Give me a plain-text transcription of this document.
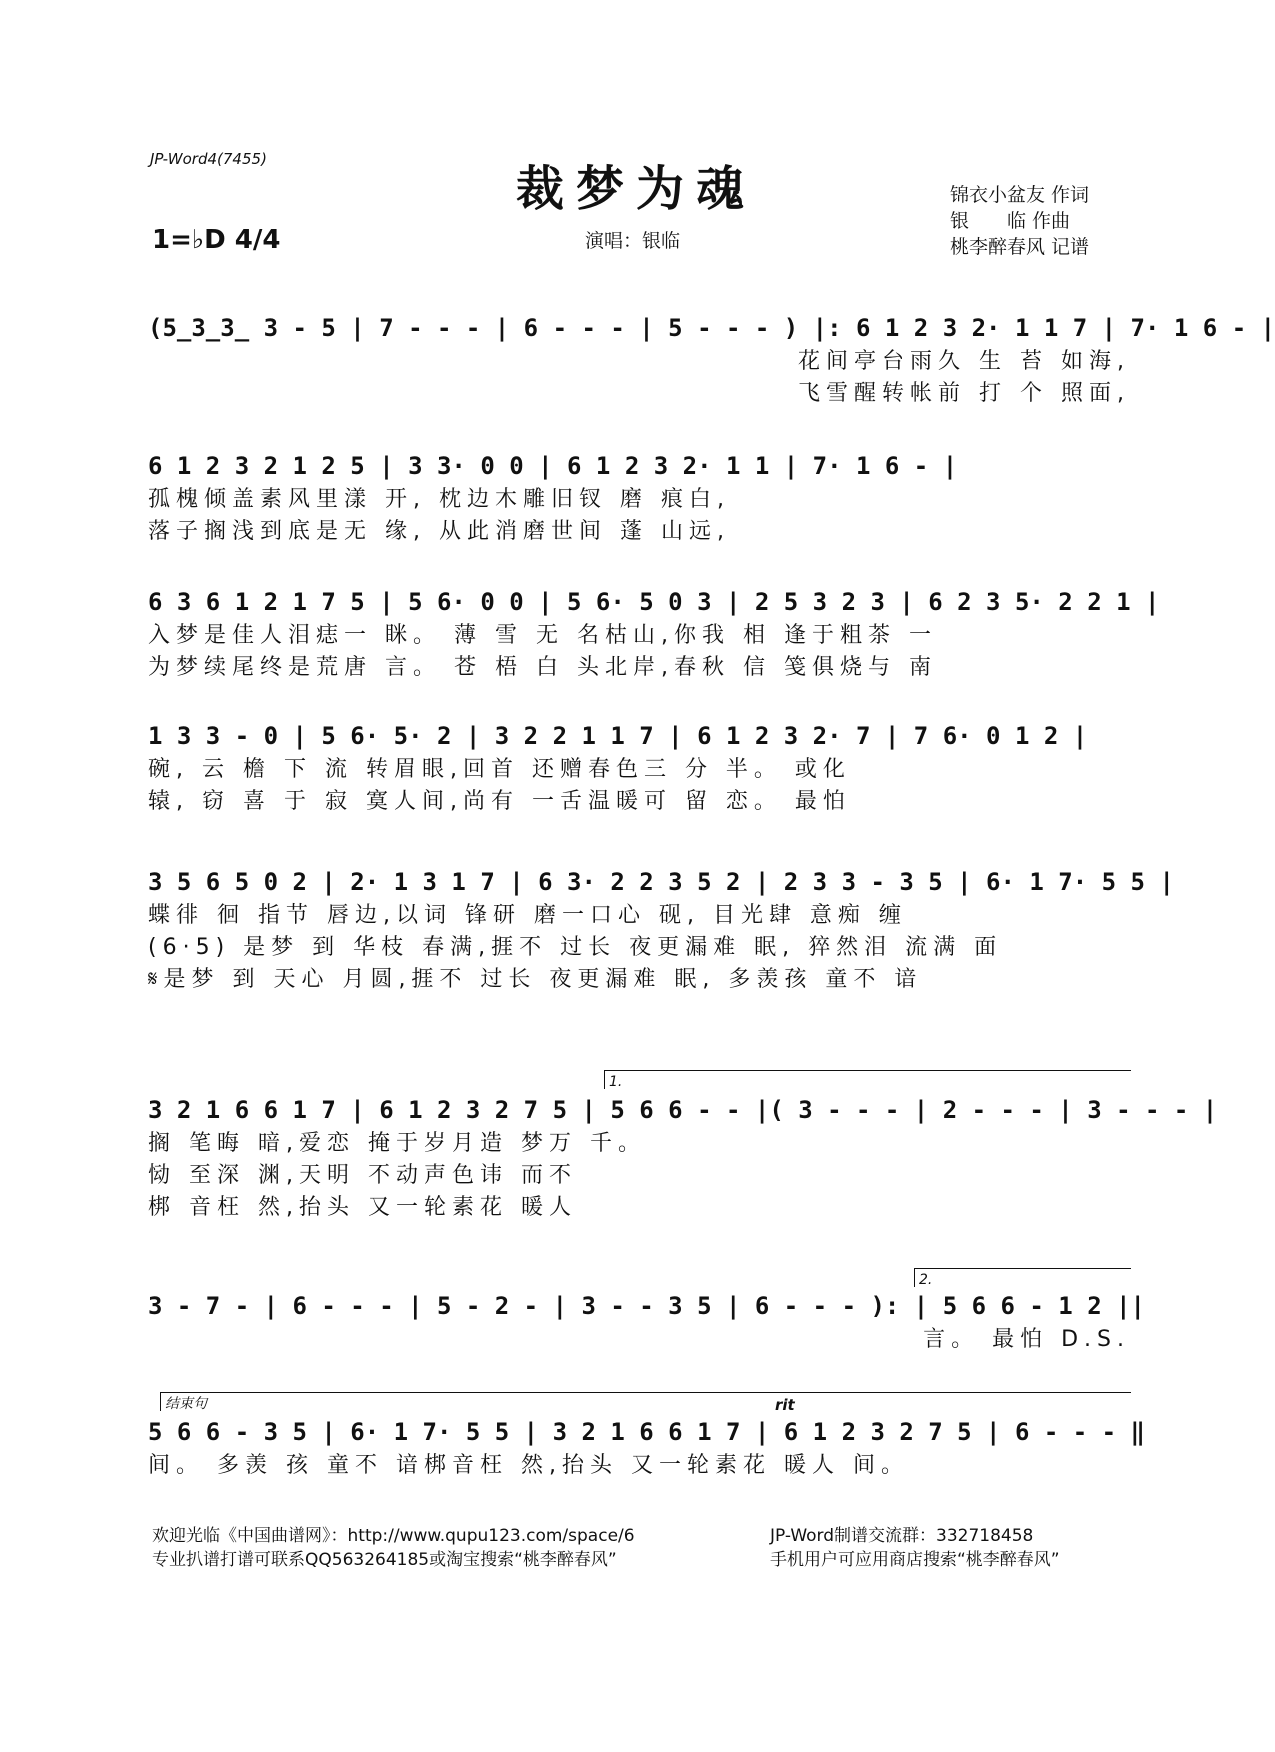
JP-Word4(7455)
裁梦为魂	锦衣小盆友 作词
银　　临 作曲
桃李醉春风 记谱
1=♭D 4/4	演唱：银临
(5̲3̲3̲ 3 - 5 | 7 - - - | 6 - - - | 5 - - - ) |: 6 1 2 3 2· 1 1 7 | 7· 1 6 - |
花间亭台雨久 生 苔 如海,
飞雪醒转帐前 打 个 照面,
6 1 2 3 2 1 2 5 | 3 3· 0 0 | 6 1 2 3 2· 1 1 | 7· 1 6 - |
孤槐倾盖素风里漾 开, 枕边木雕旧钗 磨 痕白,
落子搁浅到底是无 缘, 从此消磨世间 蓬 山远,
6 3 6 1 2 1 7 5 | 5 6· 0 0 | 5 6· 5 0 3 | 2 5 3 2 3 | 6 2 3 5· 2 2 1 |
入梦是佳人泪痣一 眯。 薄 雪 无 名枯山,你我 相 逢于粗茶 一
为梦续尾终是荒唐 言。 苍 梧 白 头北岸,春秋 信 笺俱烧与 南
1 3 3 - 0 | 5 6· 5· 2 | 3 2 2 1 1 7 | 6 1 2 3 2· 7 | 7 6· 0 1 2 |
碗, 云 檐 下 流 转眉眼,回首 还赠春色三 分 半。 或化
辕, 窃 喜 于 寂 寞人间,尚有 一舌温暖可 留 恋。 最怕
3 5 6 5 0 2 | 2· 1 3 1 7 | 6 3· 2 2 3 5 2 | 2 3 3 - 3 5 | 6· 1 7· 5 5 |
蝶徘 徊 指节 唇边,以词 锋研 磨一口心 砚, 目光肆 意痴 缠
(6·5) 是梦 到 华枝 春满,捱不 过长 夜更漏难 眠, 猝然泪 流满 面
𝄋是梦 到 天心 月圆,捱不 过长 夜更漏难 眠, 多羡孩 童不 谙
1.
3 2 1 6 6 1 7 | 6 1 2 3 2 7 5 | 5 6 6 - - |( 3 - - - | 2 - - - | 3 - - - |
搁 笔晦 暗,爱恋 掩于岁月造 梦万 千。
恸 至深 渊,天明 不动声色讳 而不
梆 音枉 然,抬头 又一轮素花 暖人
2.
3 - 7 - | 6 - - - | 5 - 2 - | 3 - - 3 5 | 6 - - - ): | 5 6 6 - 1 2 ||
言。 最怕 D.S.
结束句	rit
5 6 6 - 3 5 | 6· 1 7· 5 5 | 3 2 1 6 6 1 7 | 6 1 2 3 2 7 5 | 6 - - - ‖
间。 多羡 孩 童不 谙梆音枉 然,抬头 又一轮素花 暖人 间。
欢迎光临《中国曲谱网》：http://www.qupu123.com/space/6
专业扒谱打谱可联系QQ563264185或淘宝搜索“桃李醉春风”
JP-Word制谱交流群：332718458
手机用户可应用商店搜索“桃李醉春风”
